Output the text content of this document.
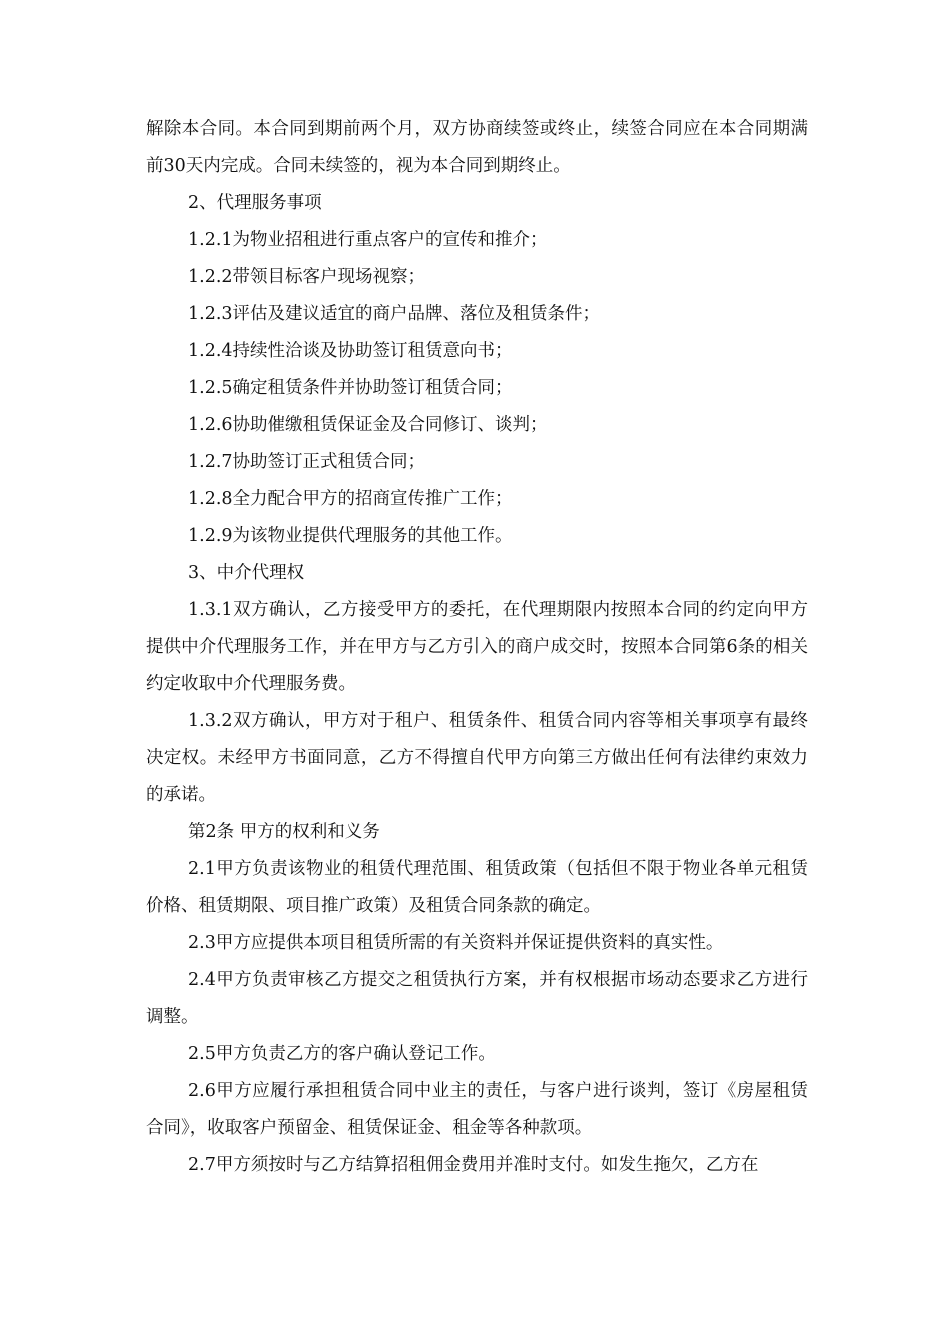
解除本合同。本合同到期前两个月，双方协商续签或终止，续签合同应在本合同期满前30天内完成。合同未续签的，视为本合同到期终止。

2、代理服务事项

1.2.1为物业招租进行重点客户的宣传和推介；

1.2.2带领目标客户现场视察；

1.2.3评估及建议适宜的商户品牌、落位及租赁条件；

1.2.4持续性洽谈及协助签订租赁意向书；

1.2.5确定租赁条件并协助签订租赁合同；

1.2.6协助催缴租赁保证金及合同修订、谈判；

1.2.7协助签订正式租赁合同；

1.2.8全力配合甲方的招商宣传推广工作；

1.2.9为该物业提供代理服务的其他工作。

3、中介代理权

1.3.1双方确认，乙方接受甲方的委托，在代理期限内按照本合同的约定向甲方提供中介代理服务工作，并在甲方与乙方引入的商户成交时，按照本合同第6条的相关约定收取中介代理服务费。

1.3.2双方确认，甲方对于租户、租赁条件、租赁合同内容等相关事项享有最终决定权。未经甲方书面同意，乙方不得擅自代甲方向第三方做出任何有法律约束效力的承诺。

第2条 甲方的权利和义务

2.1甲方负责该物业的租赁代理范围、租赁政策（包括但不限于物业各单元租赁价格、租赁期限、项目推广政策）及租赁合同条款的确定。

2.3甲方应提供本项目租赁所需的有关资料并保证提供资料的真实性。

2.4甲方负责审核乙方提交之租赁执行方案，并有权根据市场动态要求乙方进行调整。

2.5甲方负责乙方的客户确认登记工作。

2.6甲方应履行承担租赁合同中业主的责任，与客户进行谈判，签订《房屋租赁合同》，收取客户预留金、租赁保证金、租金等各种款项。

2.7甲方须按时与乙方结算招租佣金费用并准时支付。如发生拖欠，乙方在
